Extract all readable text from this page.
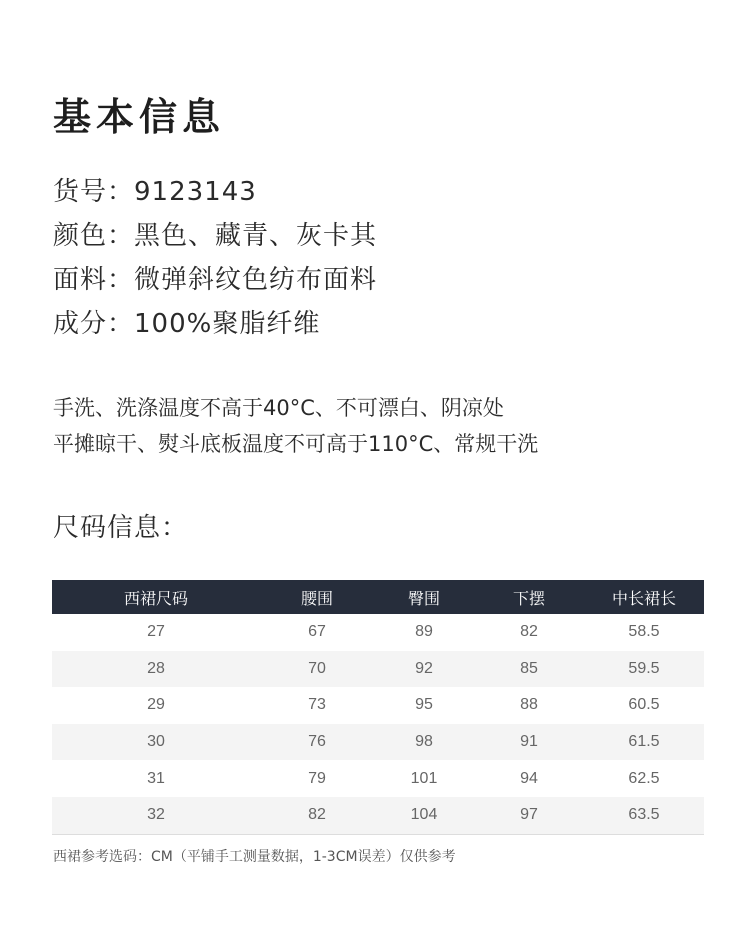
基本信息
货号：9123143
颜色：黑色、藏青、灰卡其
面料：微弹斜纹色纺布面料
成分：100%聚脂纤维
手洗、洗涤温度不高于40°C、不可漂白、阴凉处
平摊晾干、熨斗底板温度不可高于110°C、常规干洗
尺码信息：
西裙尺码	腰围	臀围	下摆	中长裙长
27	67	89	82	58.5
28	70	92	85	59.5
29	73	95	88	60.5
30	76	98	91	61.5
31	79	101	94	62.5
32	82	104	97	63.5
西裙参考选码：CM（平铺手工测量数据，1-3CM误差）仅供参考
